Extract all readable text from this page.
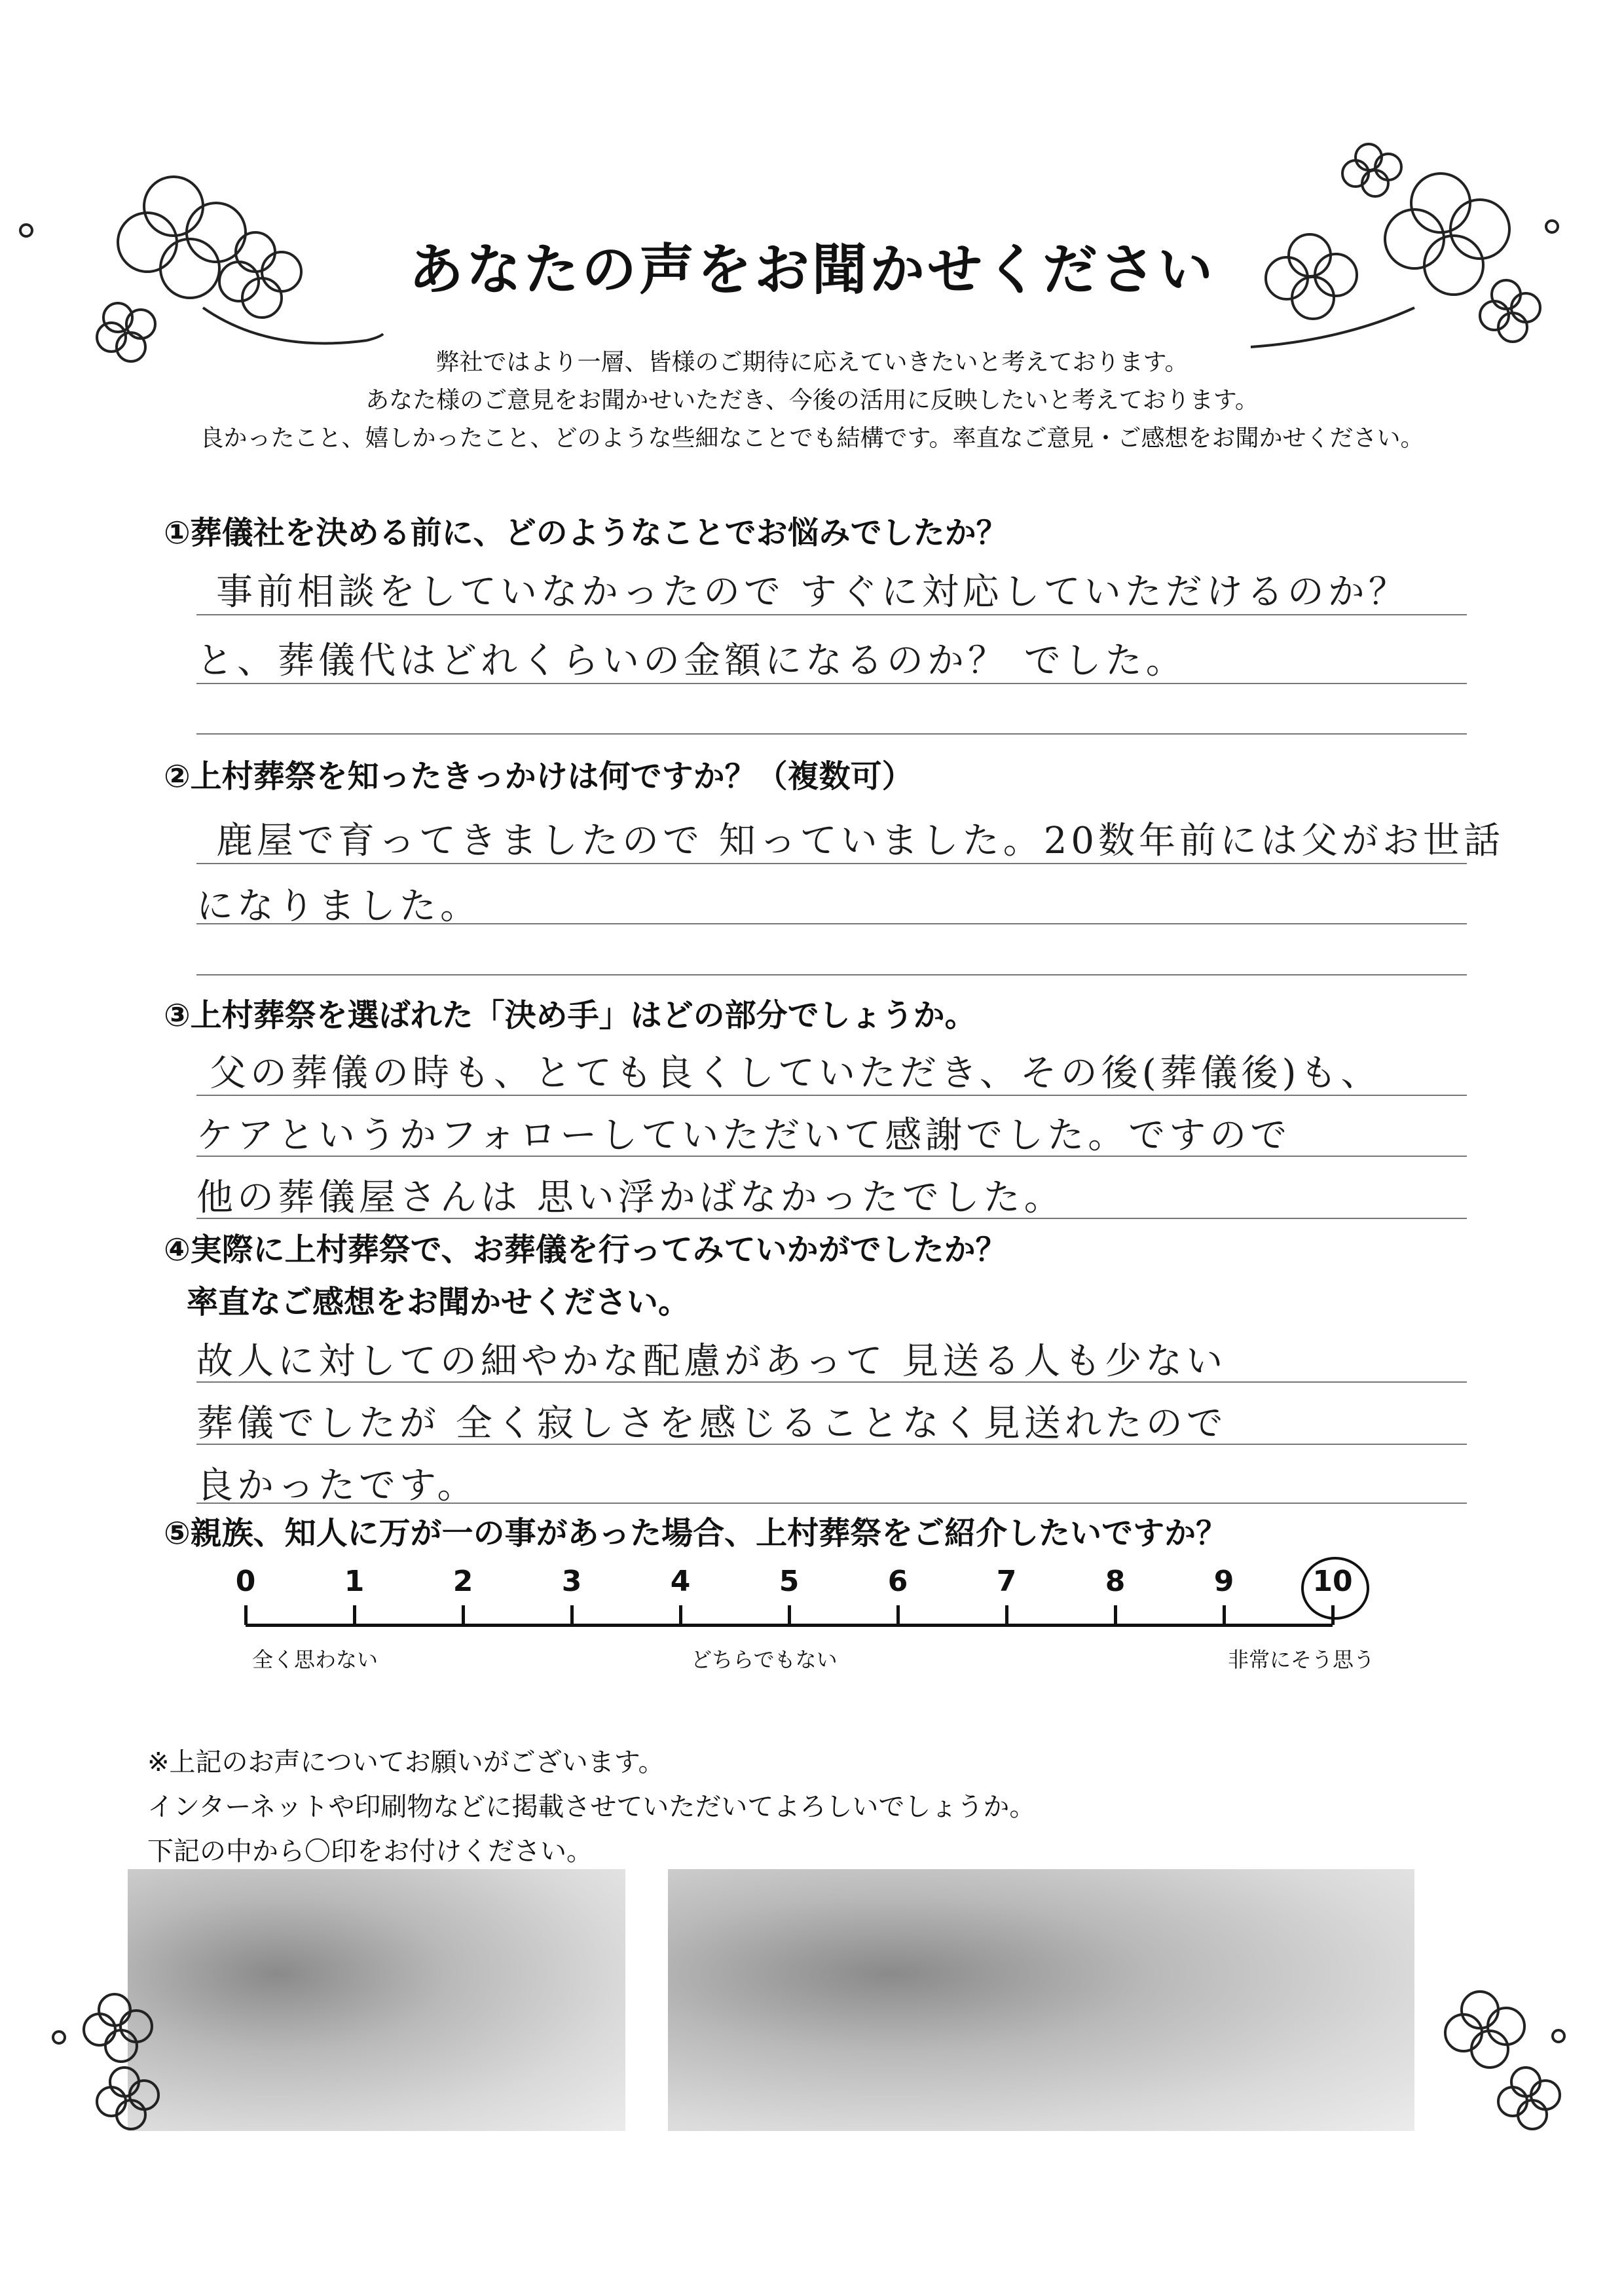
あなたの声をお聞かせください
弊社ではより一層、皆様のご期待に応えていきたいと考えております。
あなた様のご意見をお聞かせいただき、今後の活用に反映したいと考えております。
良かったこと、嬉しかったこと、どのような些細なことでも結構です。率直なご意見・ご感想をお聞かせください。
①葬儀社を決める前に、どのようなことでお悩みでしたか？
事前相談をしていなかったので すぐに対応していただけるのか？
と、葬儀代はどれくらいの金額になるのか？ でした。
②上村葬祭を知ったきっかけは何ですか？（複数可）
鹿屋で育ってきましたので 知っていました。20数年前には父がお世話
になりました。
③上村葬祭を選ばれた「決め手」はどの部分でしょうか。
父の葬儀の時も、とても良くしていただき、その後(葬儀後)も、
ケアというかフォローしていただいて感謝でした。ですので
他の葬儀屋さんは 思い浮かばなかったでした。
④実際に上村葬祭で、お葬儀を行ってみていかがでしたか？
率直なご感想をお聞かせください。
故人に対しての細やかな配慮があって 見送る人も少ない
葬儀でしたが 全く寂しさを感じることなく見送れたので
良かったです。
⑤親族、知人に万が一の事があった場合、上村葬祭をご紹介したいですか？
0	1	2	3	4	5	6	7	8	9	10
全く思わない	どちらでもない	非常にそう思う
※上記のお声についてお願いがございます。
インターネットや印刷物などに掲載させていただいてよろしいでしょうか。
下記の中から〇印をお付けください。
